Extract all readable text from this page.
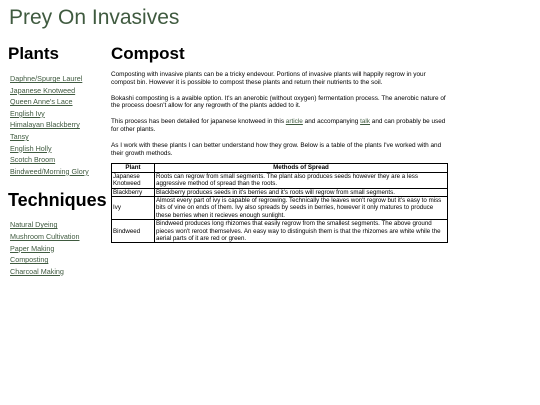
Prey On Invasives
Plants
Daphne/Spurge Laurel
Japanese Knotweed
Queen Anne's Lace
English Ivy
Himalayan Blackberry
Tansy
English Holly
Scotch Broom
Bindweed/Morning Glory
Techniques
Natural Dyeing
Mushroom Cultivation
Paper Making
Composting
Charcoal Making
Compost

Composting with invasive plants can be a tricky endevour. Portions of invasive plants will happily regrow in your compost bin. However it is possible to compost these plants and return their nutrients to the soil.

Bokashi composting is a avaible option. It's an anerobic (without oxygen) fermentation process. The anerobic nature of the process doesn't allow for any regrowth of the plants added to it.

This process has been detailed for japanese knotweed in this article and accompanying talk and can probably be used for other plants.

As I work with these plants I can better understand how they grow. Below is a table of the plants I've worked with and their growth methods.

Plant	Methods of Spread
Japanese Knotweed	Roots can regrow from small segments. The plant also produces seeds however they are a less aggressive method of spread than the roots.
Blackberry	Blackberry produces seeds in it's berries and it's roots will regrow from small segments.
Ivy	Almost every part of ivy is capable of regrowing. Technically the leaves won't regrow but it's easy to miss bits of vine on ends of them. Ivy also spreads by seeds in berries, however it only matures to produce these berries when it recieves enough sunlight.
Bindweed	Bindweed produces long rhizomes that easily regrow from the smallest segments. The above ground pieces won't reroot themselves. An easy way to distinguish them is that the rhizomes are white while the aerial parts of it are red or green.
